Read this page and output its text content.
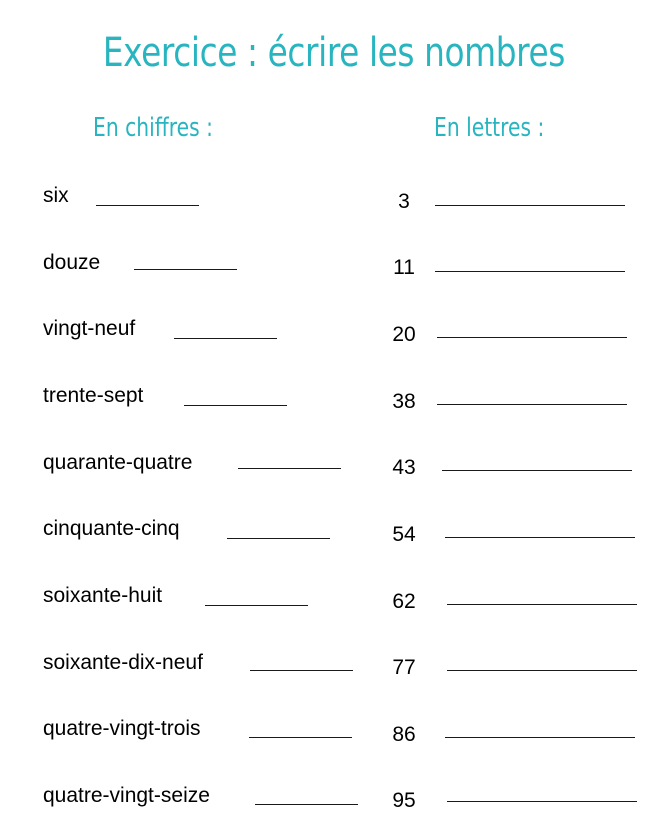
Exercice : écrire les nombres
En chiffres :	En lettres :
six
douze
vingt-neuf
trente-sept
quarante-quatre
cinquante-cinq
soixante-huit
soixante-dix-neuf
quatre-vingt-trois
quatre-vingt-seize
3
11
20
38
43
54
62
77
86
95
